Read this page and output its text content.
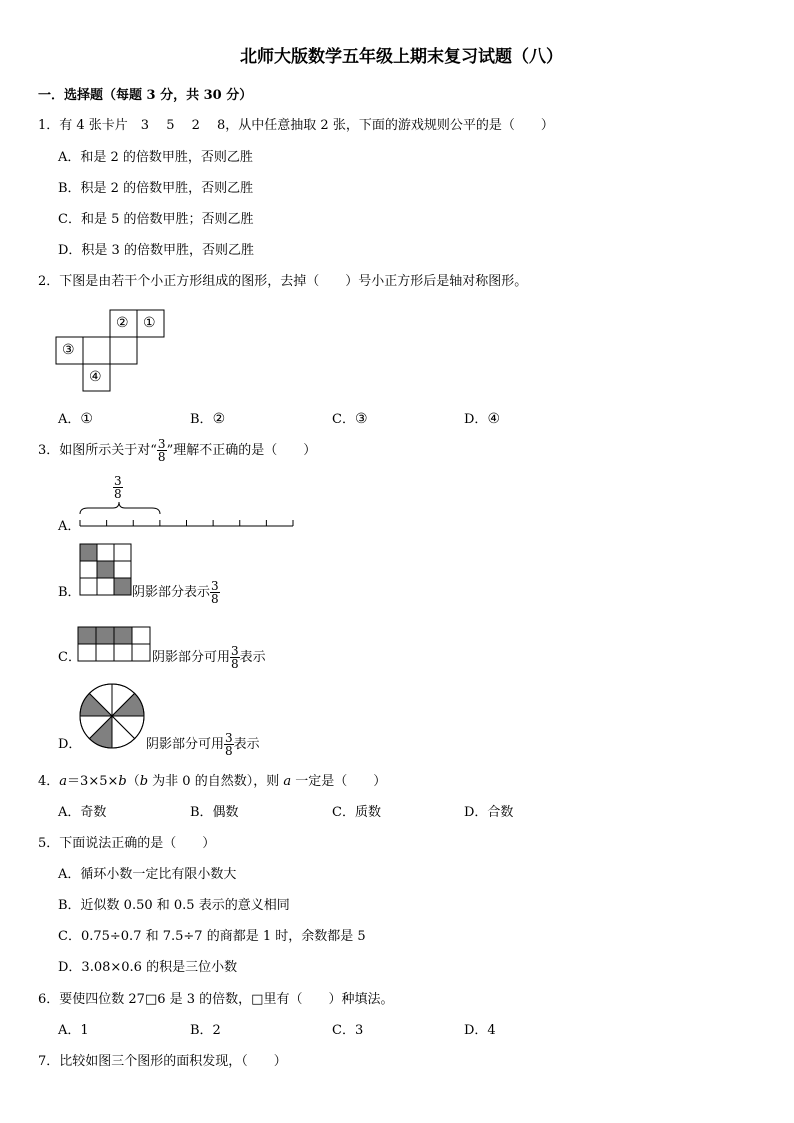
北师大版数学五年级上期末复习试题（八）
一．选择题（每题 3 分，共 30 分）
1．有 4 张卡片　3　 5　 2　 8，从中任意抽取 2 张，下面的游戏规则公平的是（　　）
A．和是 2 的倍数甲胜，否则乙胜
B．积是 2 的倍数甲胜，否则乙胜
C．和是 5 的倍数甲胜；否则乙胜
D．积是 3 的倍数甲胜，否则乙胜
2．下图是由若干个小正方形组成的图形，去掉（　　）号小正方形后是轴对称图形。
② ①
③
④
A．①	B．②	C．③	D．④
3．如图所示关于对“ $\frac{3}{8}$ ”理解不正确的是（　　）
$\frac{3}{8}$
A．
B．	阴影部分表示 $\frac{3}{8}$
C．	阴影部分可用 $\frac{3}{8}$ 表示
D．	阴影部分可用 $\frac{3}{8}$ 表示
4．a＝3×5×b（b 为非 0 的自然数），则 a 一定是（　　）
A．奇数	B．偶数	C．质数	D．合数
5．下面说法正确的是（　　）
A．循环小数一定比有限小数大
B．近似数 0.50 和 0.5 表示的意义相同
C．0.75÷0.7 和 7.5÷7 的商都是 1 时，余数都是 5
D．3.08×0.6 的积是三位小数
6．要使四位数 27□6 是 3 的倍数，□里有（　　）种填法。
A．1	B．2	C．3	D．4
7．比较如图三个图形的面积发现，（　　）
